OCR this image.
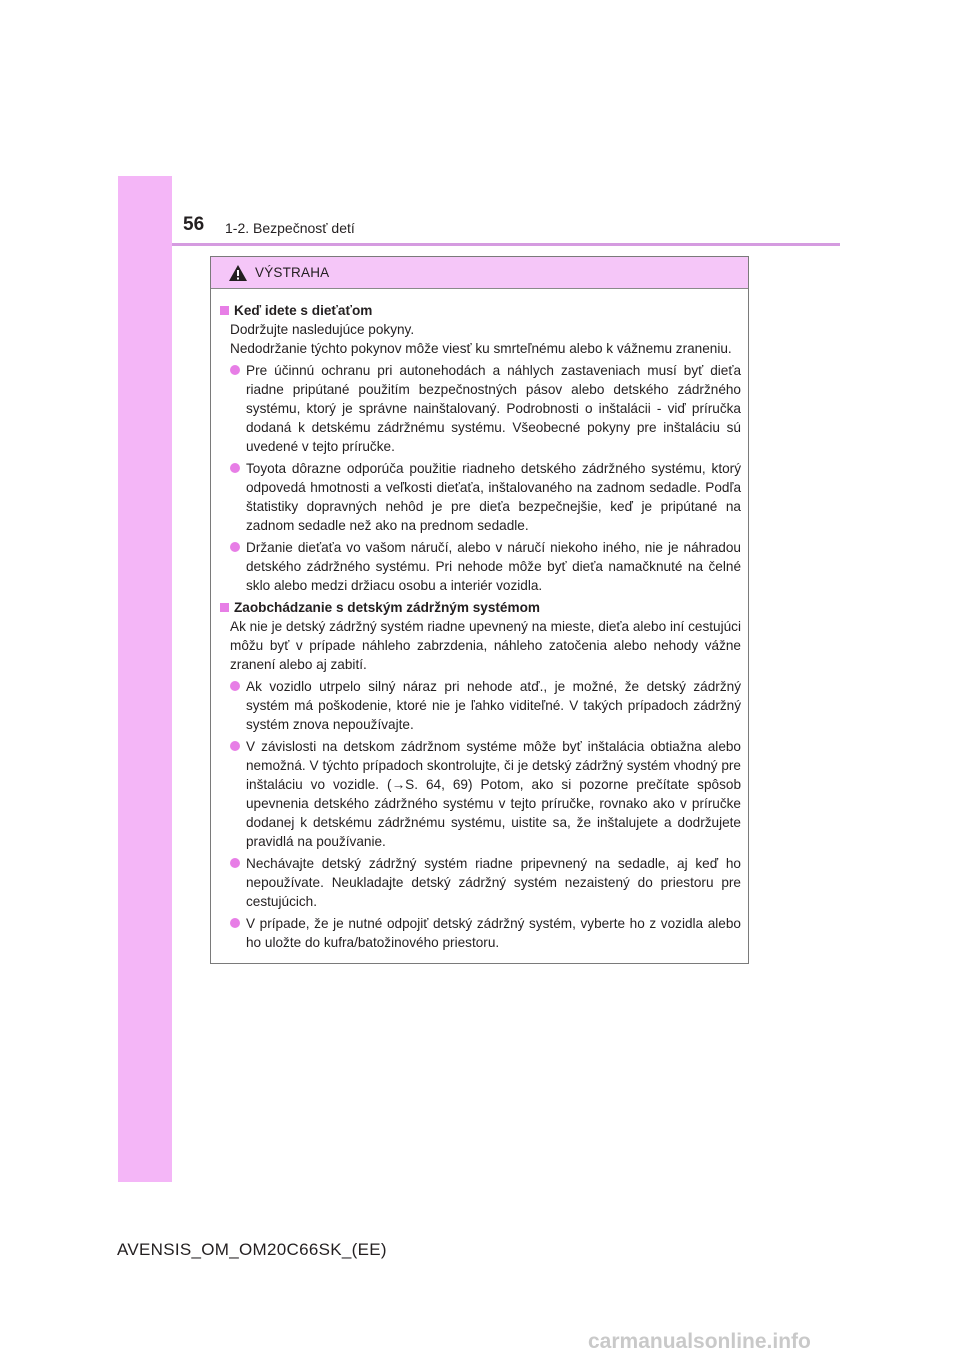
56 1-2. Bezpečnosť detí
VÝSTRAHA
Keď idete s dieťaťom
Dodržujte nasledujúce pokyny.
Nedodržanie týchto pokynov môže viesť ku smrteľnému alebo k vážnemu zraneniu.
Pre účinnú ochranu pri autonehodách a náhlych zastaveniach musí byť dieťa riadne pripútané použitím bezpečnostných pásov alebo detského zádržného systému, ktorý je správne nainštalovaný. Podrobnosti o inštalácii - viď príručka dodaná k detskému zádržnému systému. Všeobecné pokyny pre inštaláciu sú uvedené v tejto príručke.
Toyota dôrazne odporúča použitie riadneho detského zádržného systému, ktorý odpovedá hmotnosti a veľkosti dieťaťa, inštalovaného na zadnom sedadle. Podľa štatistiky dopravných nehôd je pre dieťa bezpečnejšie, keď je pripútané na zadnom sedadle než ako na prednom sedadle.
Držanie dieťaťa vo vašom náručí, alebo v náručí niekoho iného, nie je náhradou detského zádržného systému. Pri nehode môže byť dieťa namačknuté na čelné sklo alebo medzi držiacu osobu a interiér vozidla.
Zaobchádzanie s detským zádržným systémom
Ak nie je detský zádržný systém riadne upevnený na mieste, dieťa alebo iní cestujúci môžu byť v prípade náhleho zabrzdenia, náhleho zatočenia alebo nehody vážne zranení alebo aj zabití.
Ak vozidlo utrpelo silný náraz pri nehode atď., je možné, že detský zádržný systém má poškodenie, ktoré nie je ľahko viditeľné. V takých prípadoch zádržný systém znova nepoužívajte.
V závislosti na detskom zádržnom systéme môže byť inštalácia obtiažna alebo nemožná. V týchto prípadoch skontrolujte, či je detský zádržný systém vhodný pre inštaláciu vo vozidle. (→S. 64, 69) Potom, ako si pozorne prečítate spôsob upevnenia detského zádržného systému v tejto príručke, rovnako ako v príručke dodanej k detskému zádržnému systému, uistite sa, že inštalujete a dodržujete pravidlá na používanie.
Nechávajte detský zádržný systém riadne pripevnený na sedadle, aj keď ho nepoužívate. Neukladajte detský zádržný systém nezaistený do priestoru pre cestujúcich.
V prípade, že je nutné odpojiť detský zádržný systém, vyberte ho z vozidla alebo ho uložte do kufra/batožinového priestoru.
AVENSIS_OM_OM20C66SK_(EE)
carmanualsonline.info
